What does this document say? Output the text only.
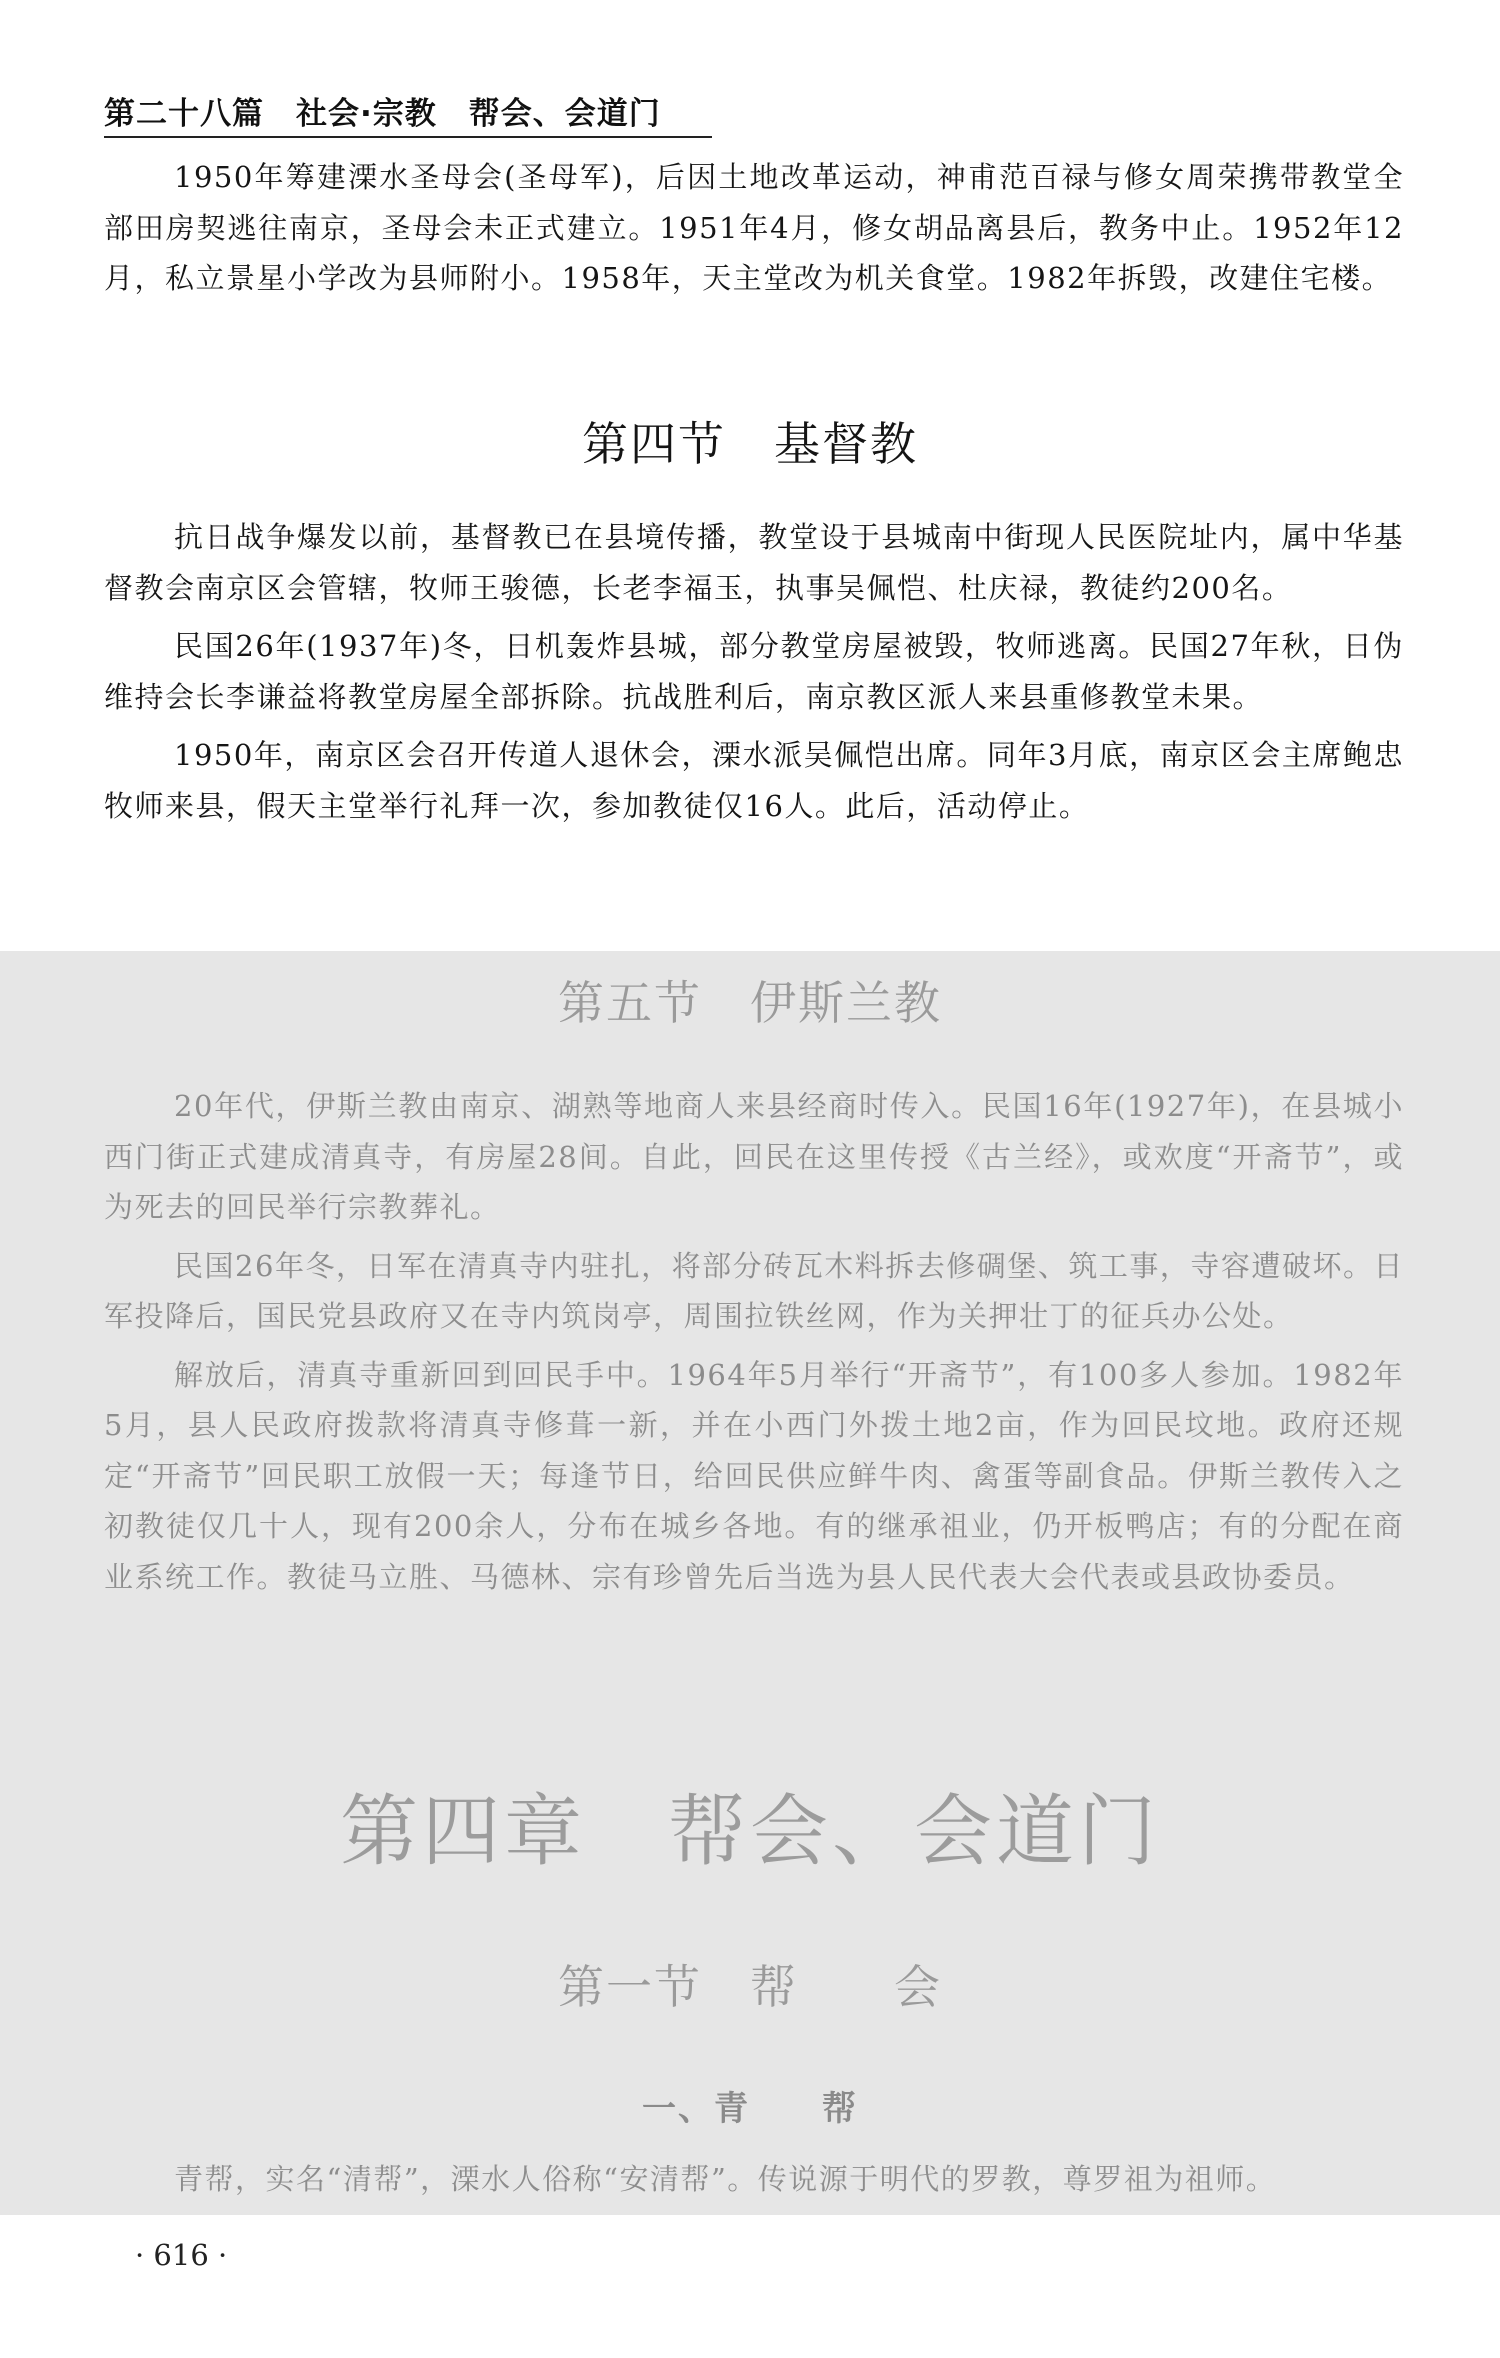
第二十八篇　社会·宗教　帮会、会道门

1950年筹建溧水圣母会(圣母军)，后因土地改革运动，神甫范百禄与修女周荣携带教堂全部田房契逃往南京，圣母会未正式建立。1951年4月，修女胡品离县后，教务中止。1952年12月，私立景星小学改为县师附小。1958年，天主堂改为机关食堂。1982年拆毁，改建住宅楼。

第四节　基督教

抗日战争爆发以前，基督教已在县境传播，教堂设于县城南中街现人民医院址内，属中华基督教会南京区会管辖，牧师王骏德，长老李福玉，执事吴佩恺、杜庆禄，教徒约200名。

民国26年(1937年)冬，日机轰炸县城，部分教堂房屋被毁，牧师逃离。民国27年秋，日伪维持会长李谦益将教堂房屋全部拆除。抗战胜利后，南京教区派人来县重修教堂未果。

1950年，南京区会召开传道人退休会，溧水派吴佩恺出席。同年3月底，南京区会主席鲍忠牧师来县，假天主堂举行礼拜一次，参加教徒仅16人。此后，活动停止。

第五节　伊斯兰教

20年代，伊斯兰教由南京、湖熟等地商人来县经商时传入。民国16年(1927年)，在县城小西门街正式建成清真寺，有房屋28间。自此，回民在这里传授《古兰经》，或欢度“开斋节”，或为死去的回民举行宗教葬礼。

民国26年冬，日军在清真寺内驻扎，将部分砖瓦木料拆去修碉堡、筑工事，寺容遭破坏。日军投降后，国民党县政府又在寺内筑岗亭，周围拉铁丝网，作为关押壮丁的征兵办公处。

解放后，清真寺重新回到回民手中。1964年5月举行“开斋节”，有100多人参加。1982年5月，县人民政府拨款将清真寺修葺一新，并在小西门外拨土地2亩，作为回民坟地。政府还规定“开斋节”回民职工放假一天；每逢节日，给回民供应鲜牛肉、禽蛋等副食品。伊斯兰教传入之初教徒仅几十人，现有200余人，分布在城乡各地。有的继承祖业，仍开板鸭店；有的分配在商业系统工作。教徒马立胜、马德林、宗有珍曾先后当选为县人民代表大会代表或县政协委员。

第四章　帮会、会道门
第一节　帮　　会
一、青　　帮

青帮，实名“清帮”，溧水人俗称“安清帮”。传说源于明代的罗教，尊罗祖为祖师。

· 616 ·
